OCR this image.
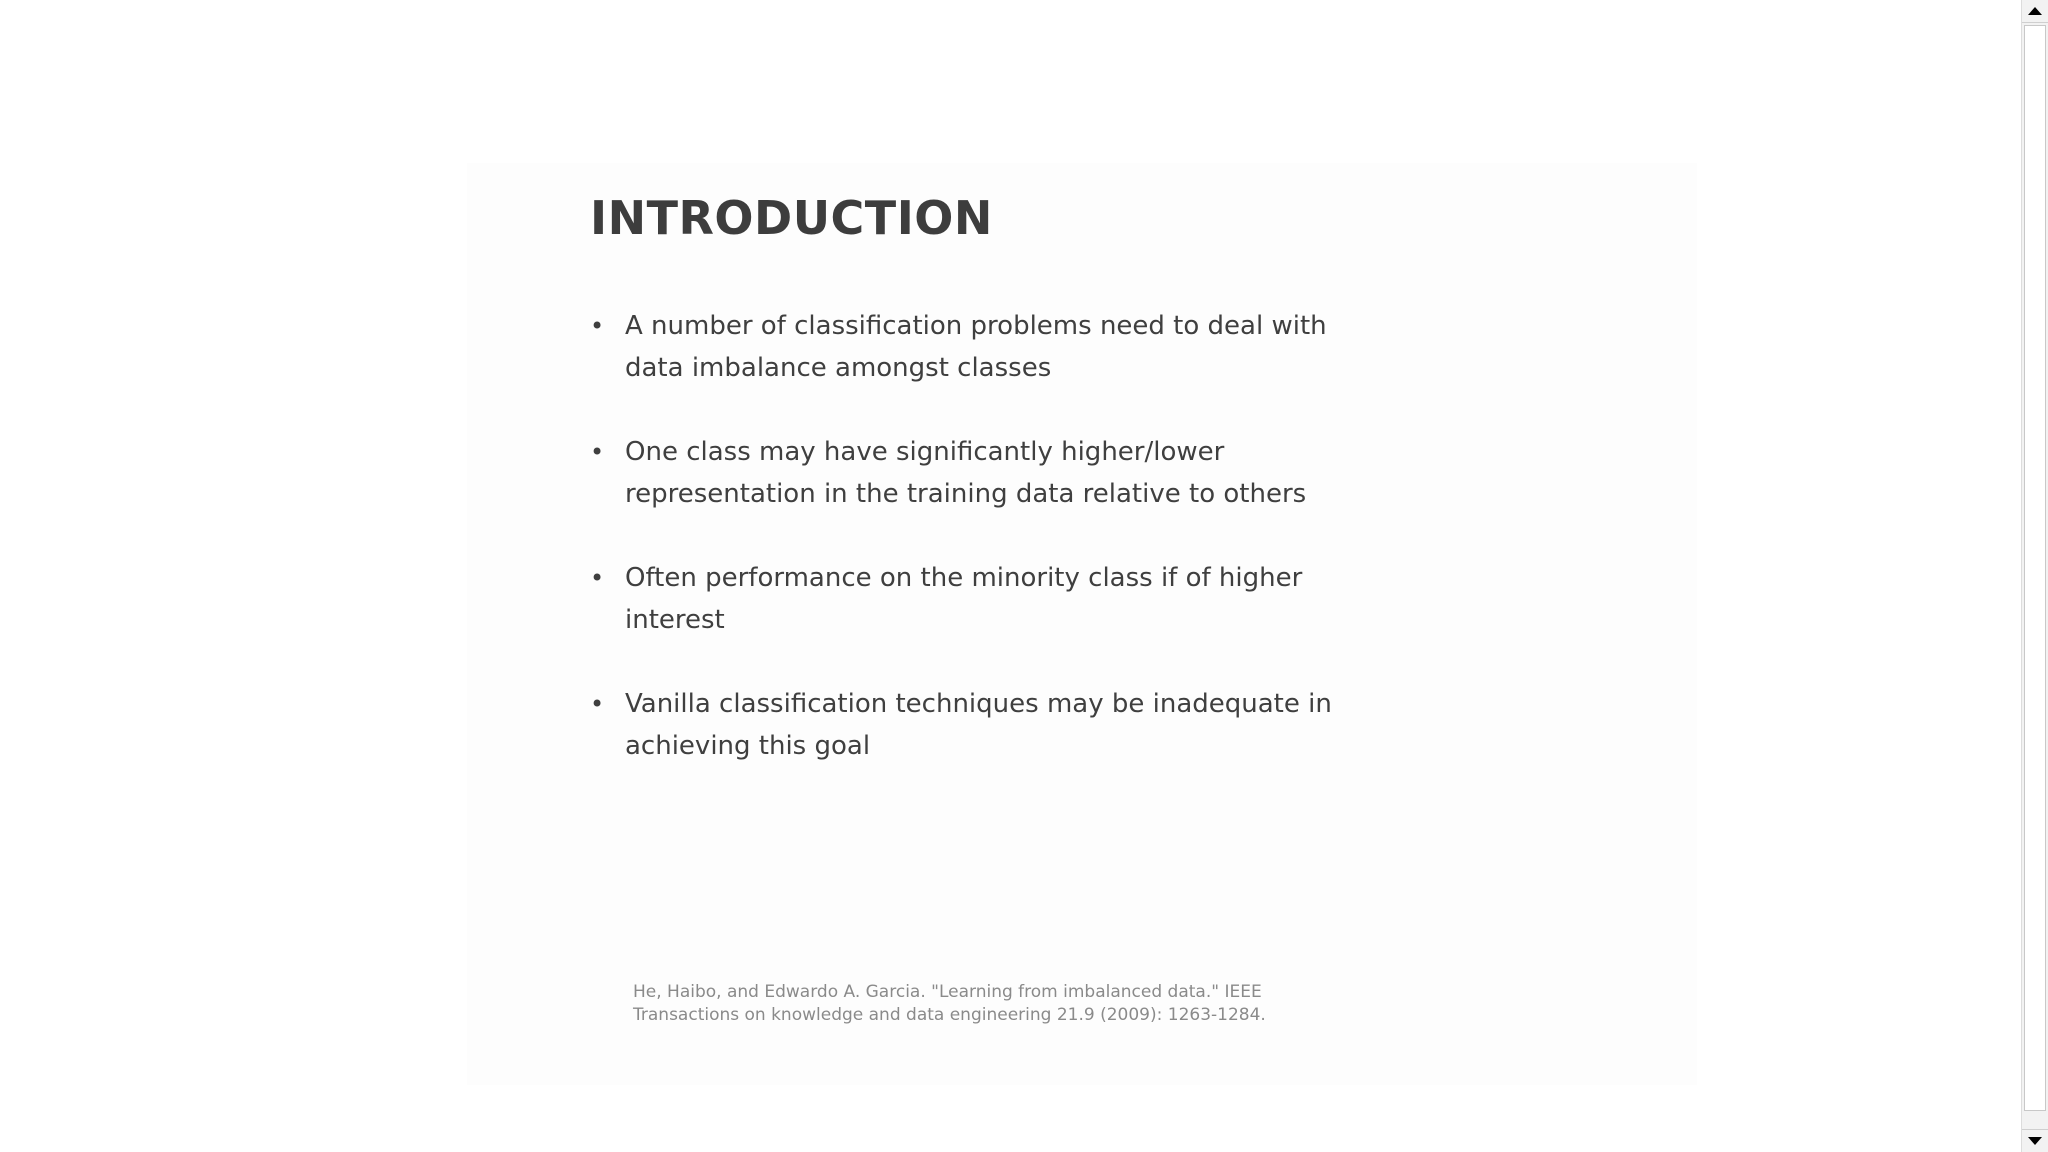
INTRODUCTION
• A number of classification problems need to deal with data imbalance amongst classes
• One class may have significantly higher/lower representation in the training data relative to others
• Often performance on the minority class if of higher interest
• Vanilla classification techniques may be inadequate in achieving this goal

He, Haibo, and Edwardo A. Garcia. "Learning from imbalanced data." IEEE Transactions on knowledge and data engineering 21.9 (2009): 1263-1284.
